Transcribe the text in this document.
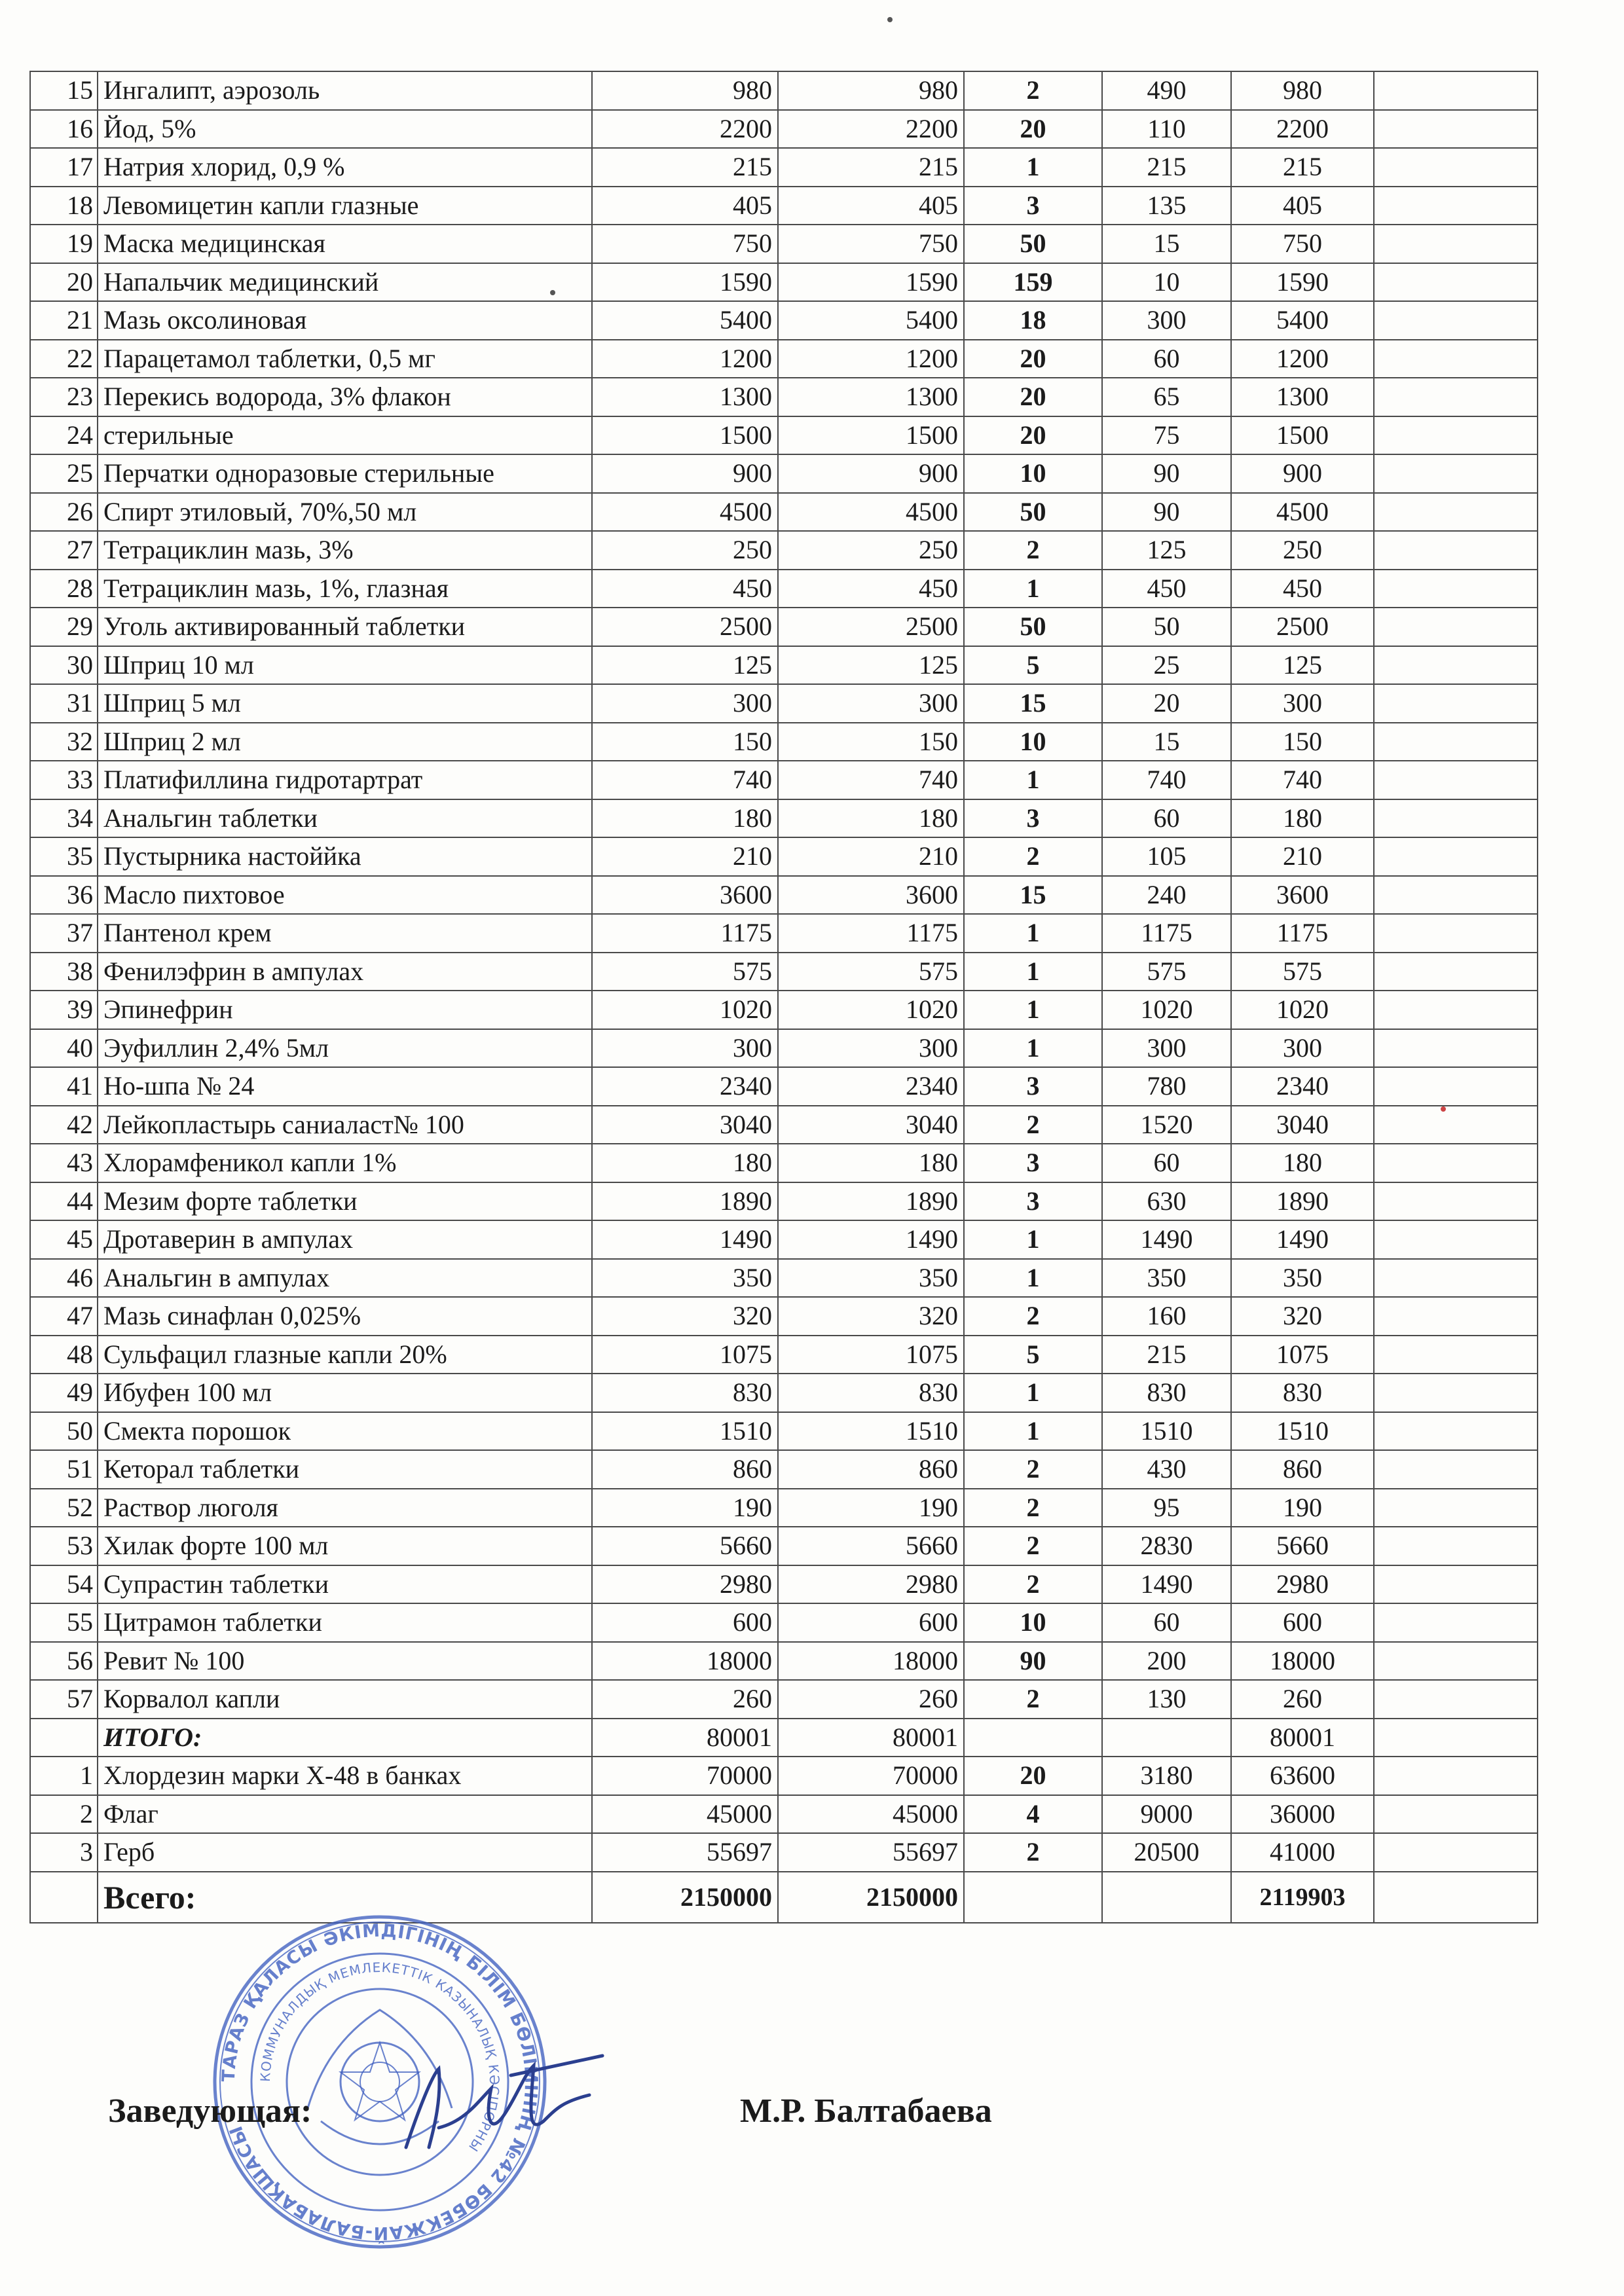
15	Ингалипт, аэрозоль	980	980	2	490	980	
16	Йод, 5%	2200	2200	20	110	2200	
17	Натрия хлорид, 0,9 %	215	215	1	215	215	
18	Левомицетин капли глазные	405	405	3	135	405	
19	Маска медицинская	750	750	50	15	750	
20	Напальчик медицинский	1590	1590	159	10	1590	
21	Мазь оксолиновая	5400	5400	18	300	5400	
22	Парацетамол таблетки, 0,5 мг	1200	1200	20	60	1200	
23	Перекись водорода, 3% флакон	1300	1300	20	65	1300	
24	стерильные	1500	1500	20	75	1500	
25	Перчатки одноразовые стерильные	900	900	10	90	900	
26	Спирт этиловый, 70%,50 мл	4500	4500	50	90	4500	
27	Тетрациклин мазь, 3%	250	250	2	125	250	
28	Тетрациклин мазь, 1%, глазная	450	450	1	450	450	
29	Уголь активированный таблетки	2500	2500	50	50	2500	
30	Шприц 10 мл	125	125	5	25	125	
31	Шприц 5 мл	300	300	15	20	300	
32	Шприц 2 мл	150	150	10	15	150	
33	Платифиллина гидротартрат	740	740	1	740	740	
34	Анальгин таблетки	180	180	3	60	180	
35	Пустырника настоййка	210	210	2	105	210	
36	Масло пихтовое	3600	3600	15	240	3600	
37	Пантенол крем	1175	1175	1	1175	1175	
38	Фенилэфрин в ампулах	575	575	1	575	575	
39	Эпинефрин	1020	1020	1	1020	1020	
40	Эуфиллин 2,4% 5мл	300	300	1	300	300	
41	Но-шпа № 24	2340	2340	3	780	2340	
42	Лейкопластырь саниаласт№ 100	3040	3040	2	1520	3040	
43	Хлорамфеникол капли 1%	180	180	3	60	180	
44	Мезим форте таблетки	1890	1890	3	630	1890	
45	Дротаверин в ампулах	1490	1490	1	1490	1490	
46	Анальгин в ампулах	350	350	1	350	350	
47	Мазь синафлан 0,025%	320	320	2	160	320	
48	Сульфацил глазные капли 20%	1075	1075	5	215	1075	
49	Ибуфен 100 мл	830	830	1	830	830	
50	Смекта порошок	1510	1510	1	1510	1510	
51	Кеторал таблетки	860	860	2	430	860	
52	Раствор люголя	190	190	2	95	190	
53	Хилак форте 100 мл	5660	5660	2	2830	5660	
54	Супрастин таблетки	2980	2980	2	1490	2980	
55	Цитрамон таблетки	600	600	10	60	600	
56	Ревит № 100	18000	18000	90	200	18000	
57	Корвалол капли	260	260	2	130	260	
	ИТОГО:	80001	80001			80001	
1	Хлордезин марки Х-48 в банках	70000	70000	20	3180	63600	
2	Флаг	45000	45000	4	9000	36000	
3	Герб	55697	55697	2	20500	41000	
	Всего:	2150000	2150000			2119903	
ТАРАЗ ҚАЛАСЫ ӘКІМДІГІНІҢ БІЛІМ БӨЛІМІНІҢ №42 БӨБЕКЖАЙ-БАЛАБАҚШАСЫ
КОММУНАЛДЫҚ МЕМЛЕКЕТТІК КАЗЫНАЛЫҚ КӘСІПОРНЫ
Заведующая:	М.Р. Балтабаева
